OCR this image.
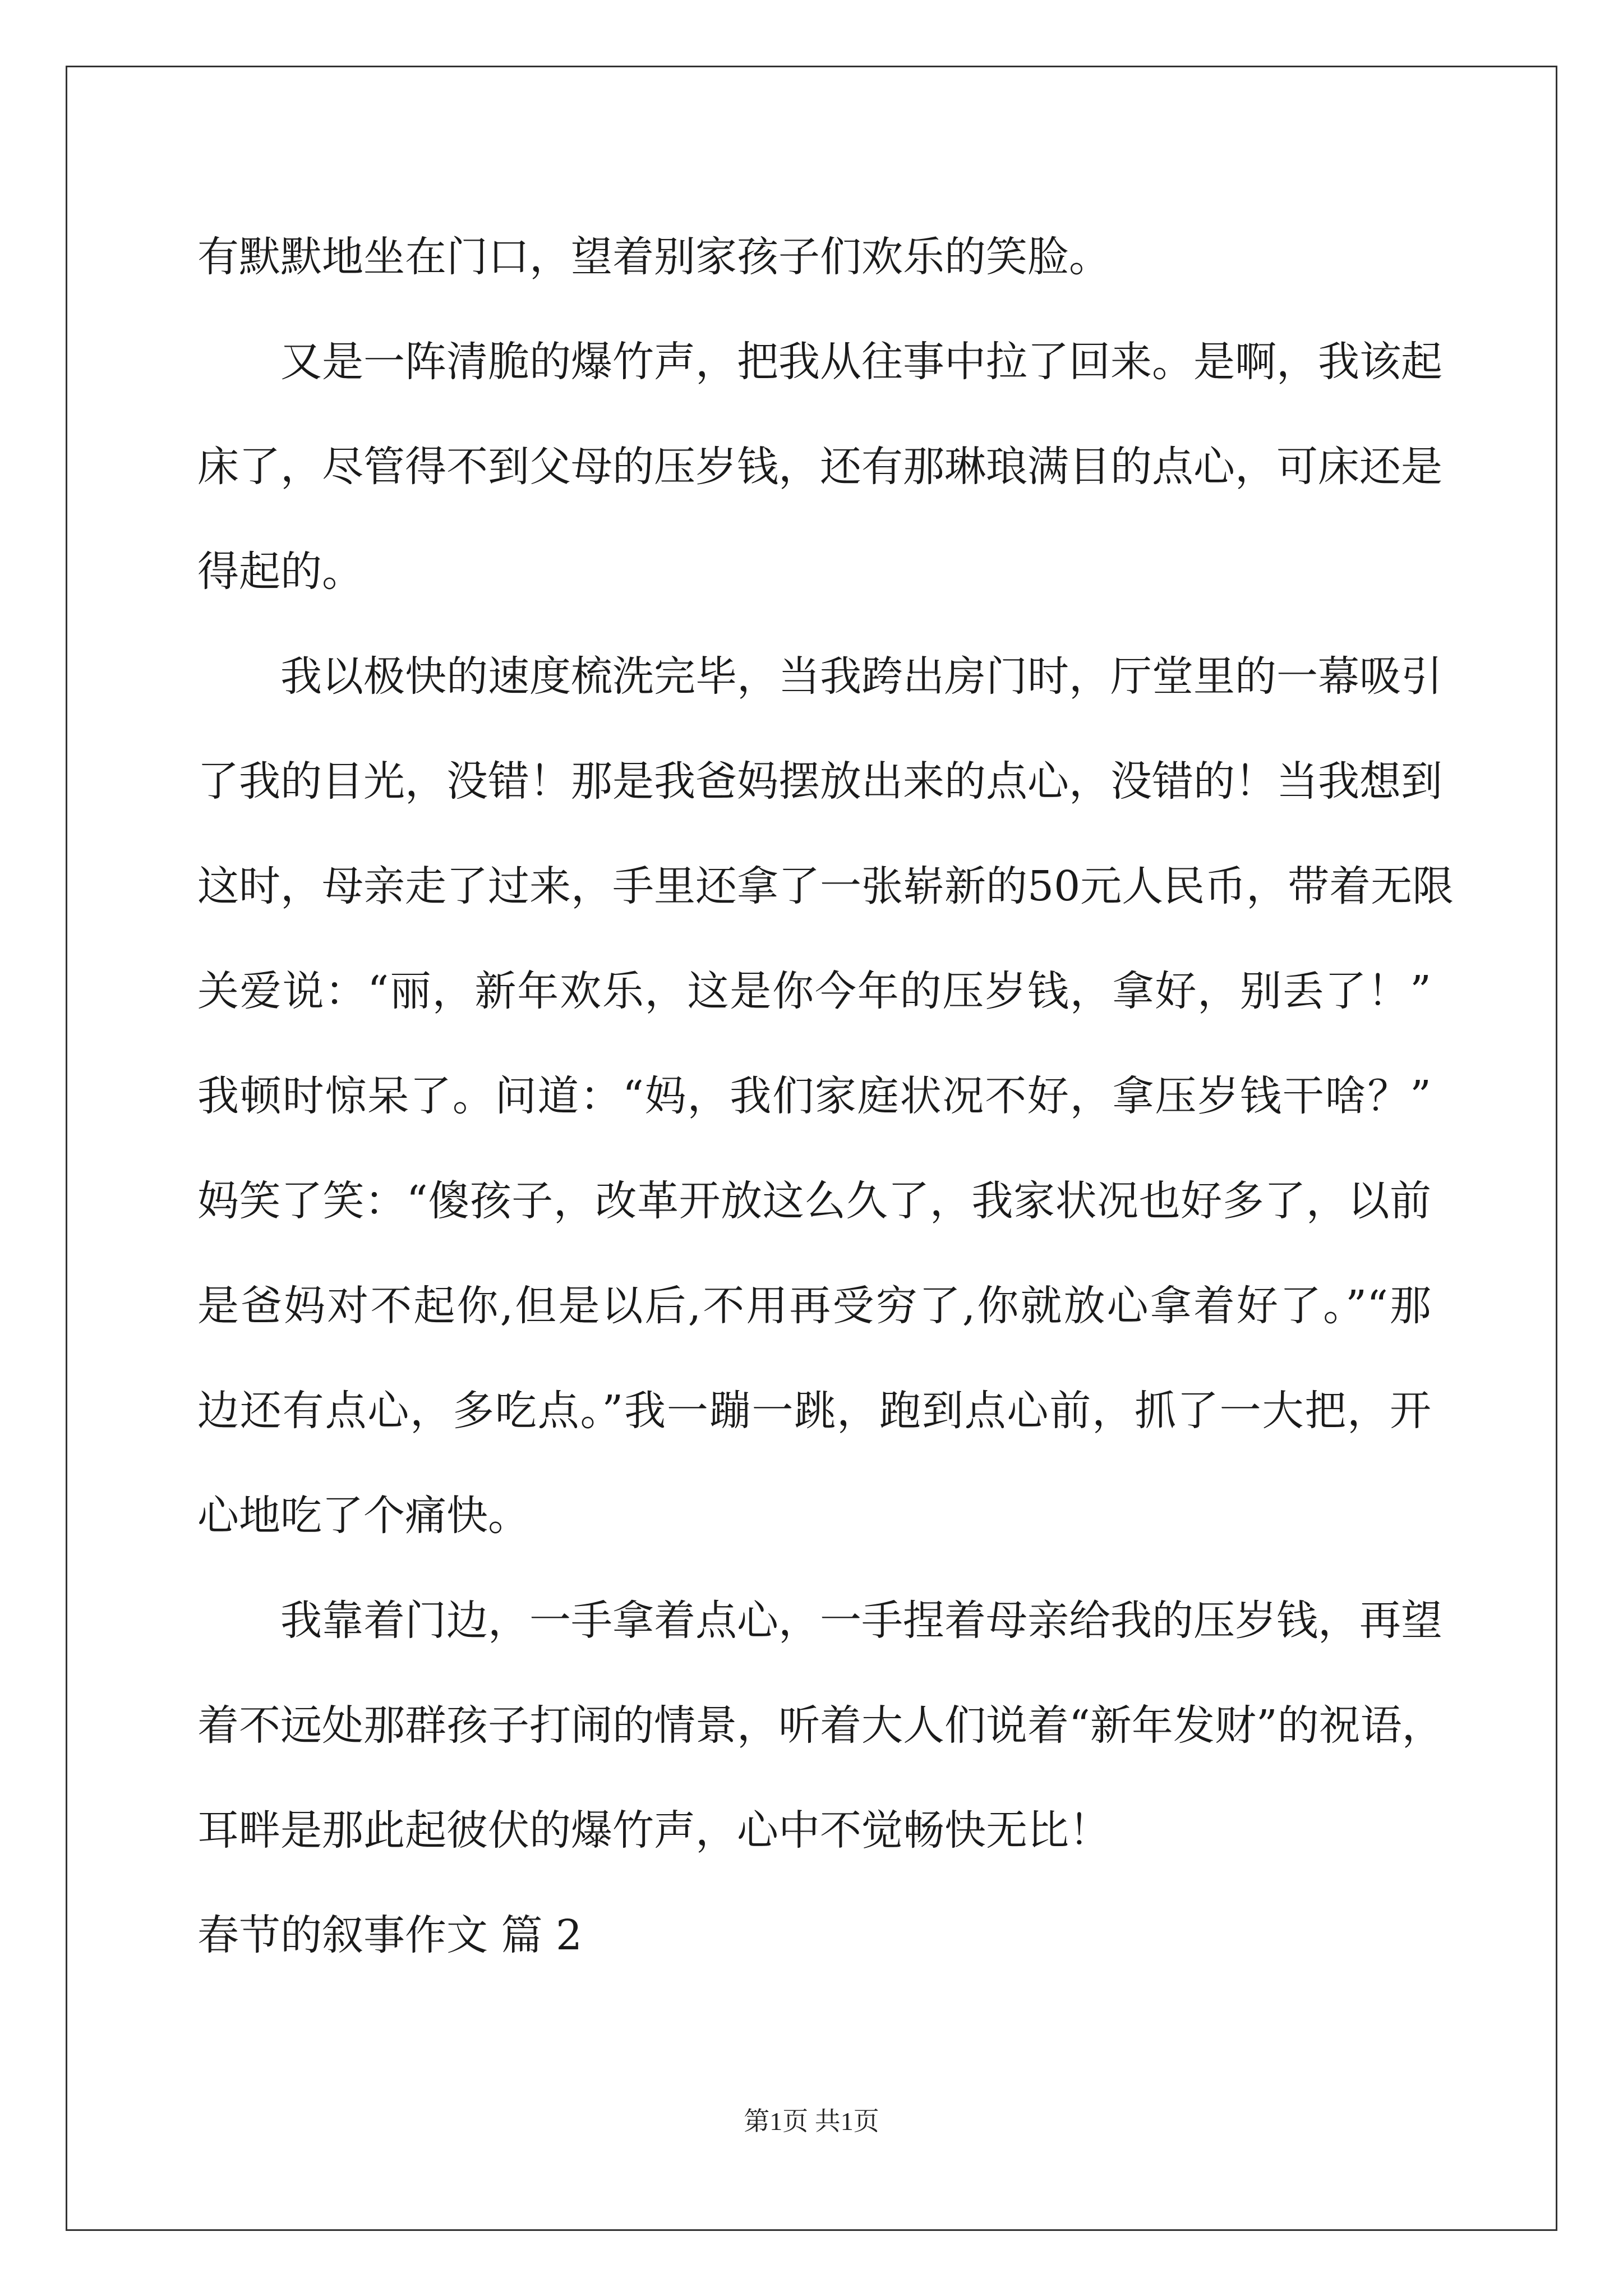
有默默地坐在门口，望着别家孩子们欢乐的笑脸。
又是一阵清脆的爆竹声，把我从往事中拉了回来。是啊，我该起
床了，尽管得不到父母的压岁钱，还有那琳琅满目的点心，可床还是
得起的。
我以极快的速度梳洗完毕，当我跨出房门时，厅堂里的一幕吸引
了我的目光，没错！那是我爸妈摆放出来的点心，没错的！当我想到
这时，母亲走了过来，手里还拿了一张崭新的50元人民币，带着无限
关爱说：“丽，新年欢乐，这是你今年的压岁钱，拿好，别丢了！”
我顿时惊呆了。问道：“妈，我们家庭状况不好，拿压岁钱干啥？”
妈笑了笑：“傻孩子，改革开放这么久了，我家状况也好多了，以前
是爸妈对不起你,但是以后,不用再受穷了,你就放心拿着好了。”“那
边还有点心，多吃点。”我一蹦一跳，跑到点心前，抓了一大把，开
心地吃了个痛快。
我靠着门边，一手拿着点心，一手捏着母亲给我的压岁钱，再望
着不远处那群孩子打闹的情景，听着大人们说着“新年发财”的祝语，
耳畔是那此起彼伏的爆竹声，心中不觉畅快无比！
春节的叙事作文 篇 2
第1页 共1页
